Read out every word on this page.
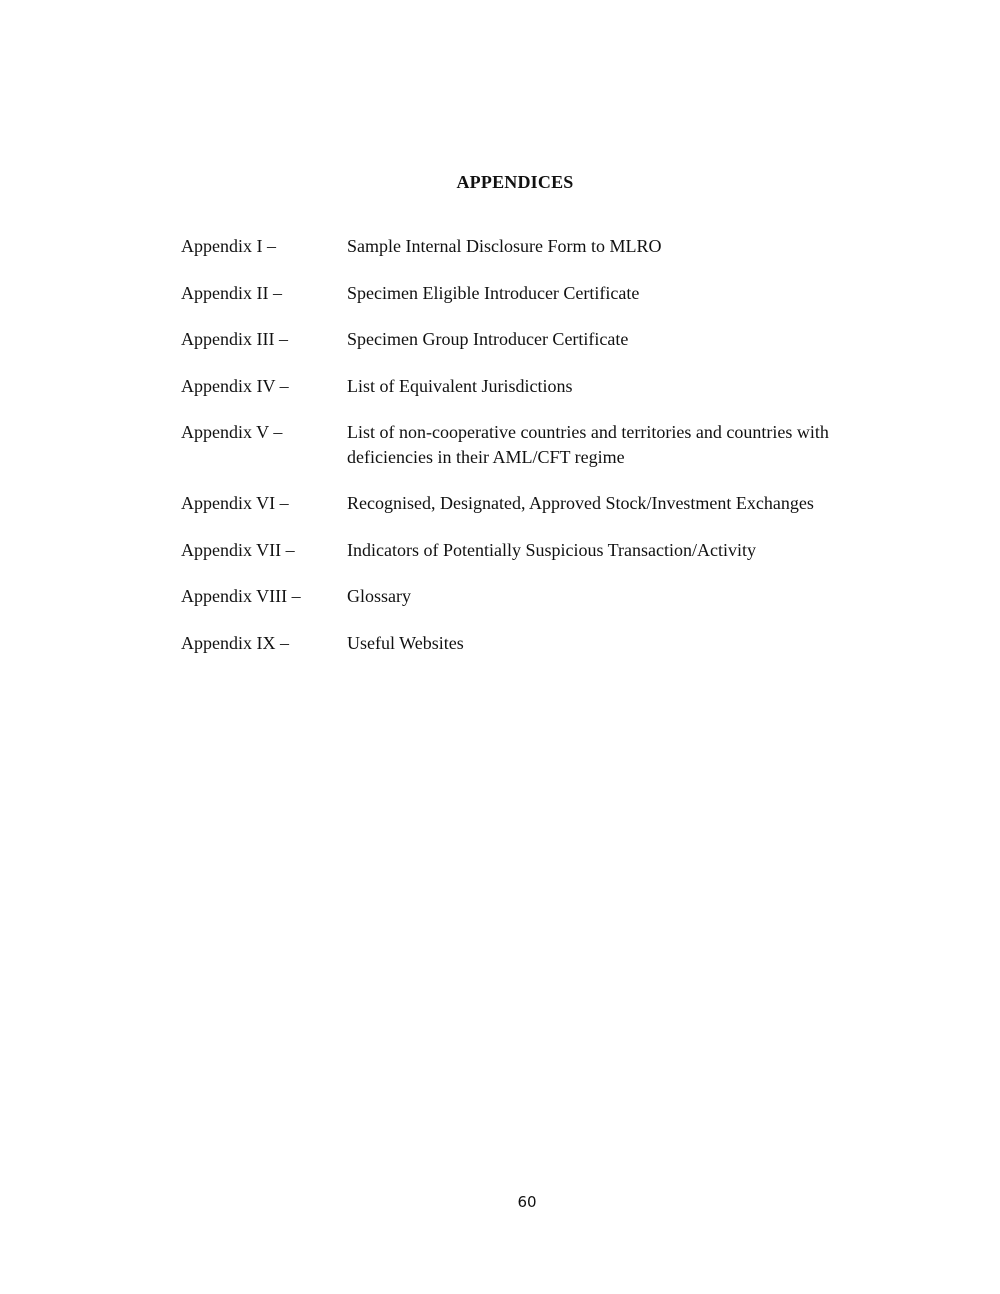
APPENDICES
Appendix I –	Sample Internal Disclosure Form to MLRO
Appendix II –	Specimen Eligible Introducer Certificate
Appendix III –	Specimen Group Introducer Certificate
Appendix IV –	List of Equivalent Jurisdictions
Appendix V –	List of non-cooperative countries and territories and countries with deficiencies in their AML/CFT regime
Appendix VI –	Recognised, Designated, Approved Stock/Investment Exchanges
Appendix VII –	Indicators of Potentially Suspicious Transaction/Activity
Appendix VIII –	Glossary
Appendix IX –	Useful Websites
60
